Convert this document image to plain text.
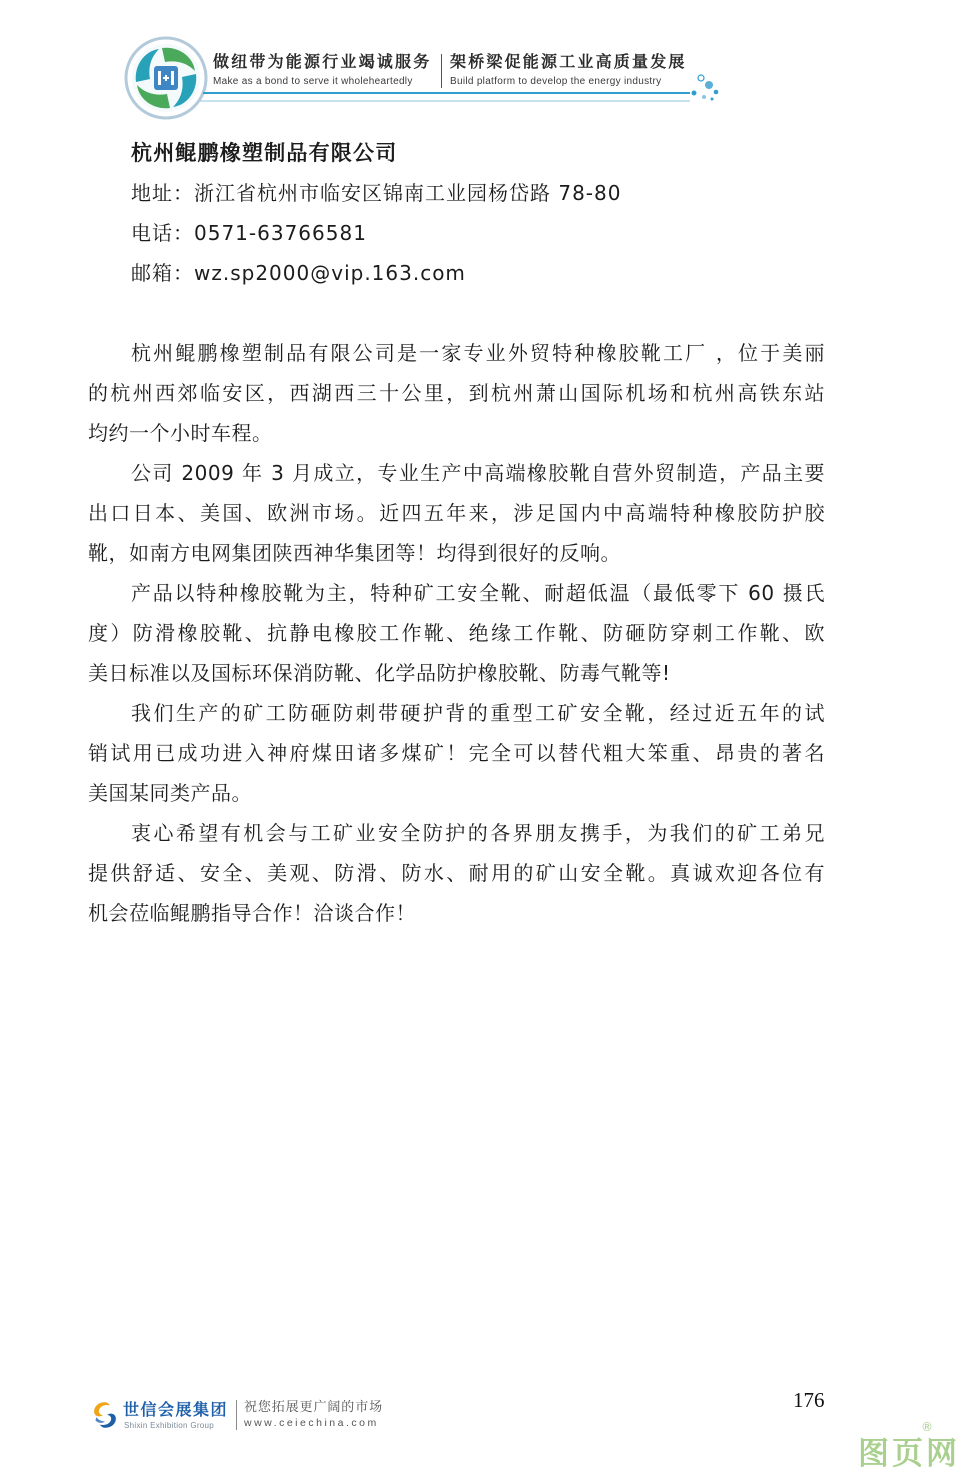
做纽带为能源行业竭诚服务 架桥梁促能源工业高质量发展
Make as a bond to serve it wholeheartedly	Build platform to develop the energy industry
杭州鲲鹏橡塑制品有限公司
地址：浙江省杭州市临安区锦南工业园杨岱路 78-80
电话：0571-63766581
邮箱：wz.sp2000@vip.163.com
杭州鲲鹏橡塑制品有限公司是一家专业外贸特种橡胶靴工厂 ，位于美丽
的杭州西郊临安区，西湖西三十公里，到杭州萧山国际机场和杭州高铁东站
均约一个小时车程。
公司 2009 年 3 月成立，专业生产中高端橡胶靴自营外贸制造，产品主要
出口日本、美国、欧洲市场。近四五年来，涉足国内中高端特种橡胶防护胶
靴，如南方电网集团陕西神华集团等！均得到很好的反响。
产品以特种橡胶靴为主，特种矿工安全靴、耐超低温（最低零下 60 摄氏
度）防滑橡胶靴、抗静电橡胶工作靴、绝缘工作靴、防砸防穿刺工作靴、欧
美日标准以及国标环保消防靴、化学品防护橡胶靴、防毒气靴等!
我们生产的矿工防砸防刺带硬护背的重型工矿安全靴，经过近五年的试
销试用已成功进入神府煤田诸多煤矿！完全可以替代粗大笨重、昂贵的著名
美国某同类产品。
衷心希望有机会与工矿业安全防护的各界朋友携手，为我们的矿工弟兄
提供舒适、安全、美观、防滑、防水、耐用的矿山安全靴。真诚欢迎各位有
机会莅临鲲鹏指导合作！洽谈合作！
世信会展集团
Shixin Exhibition Group
祝您拓展更广阔的市场
www.ceiechina.com
176
图页网
®
